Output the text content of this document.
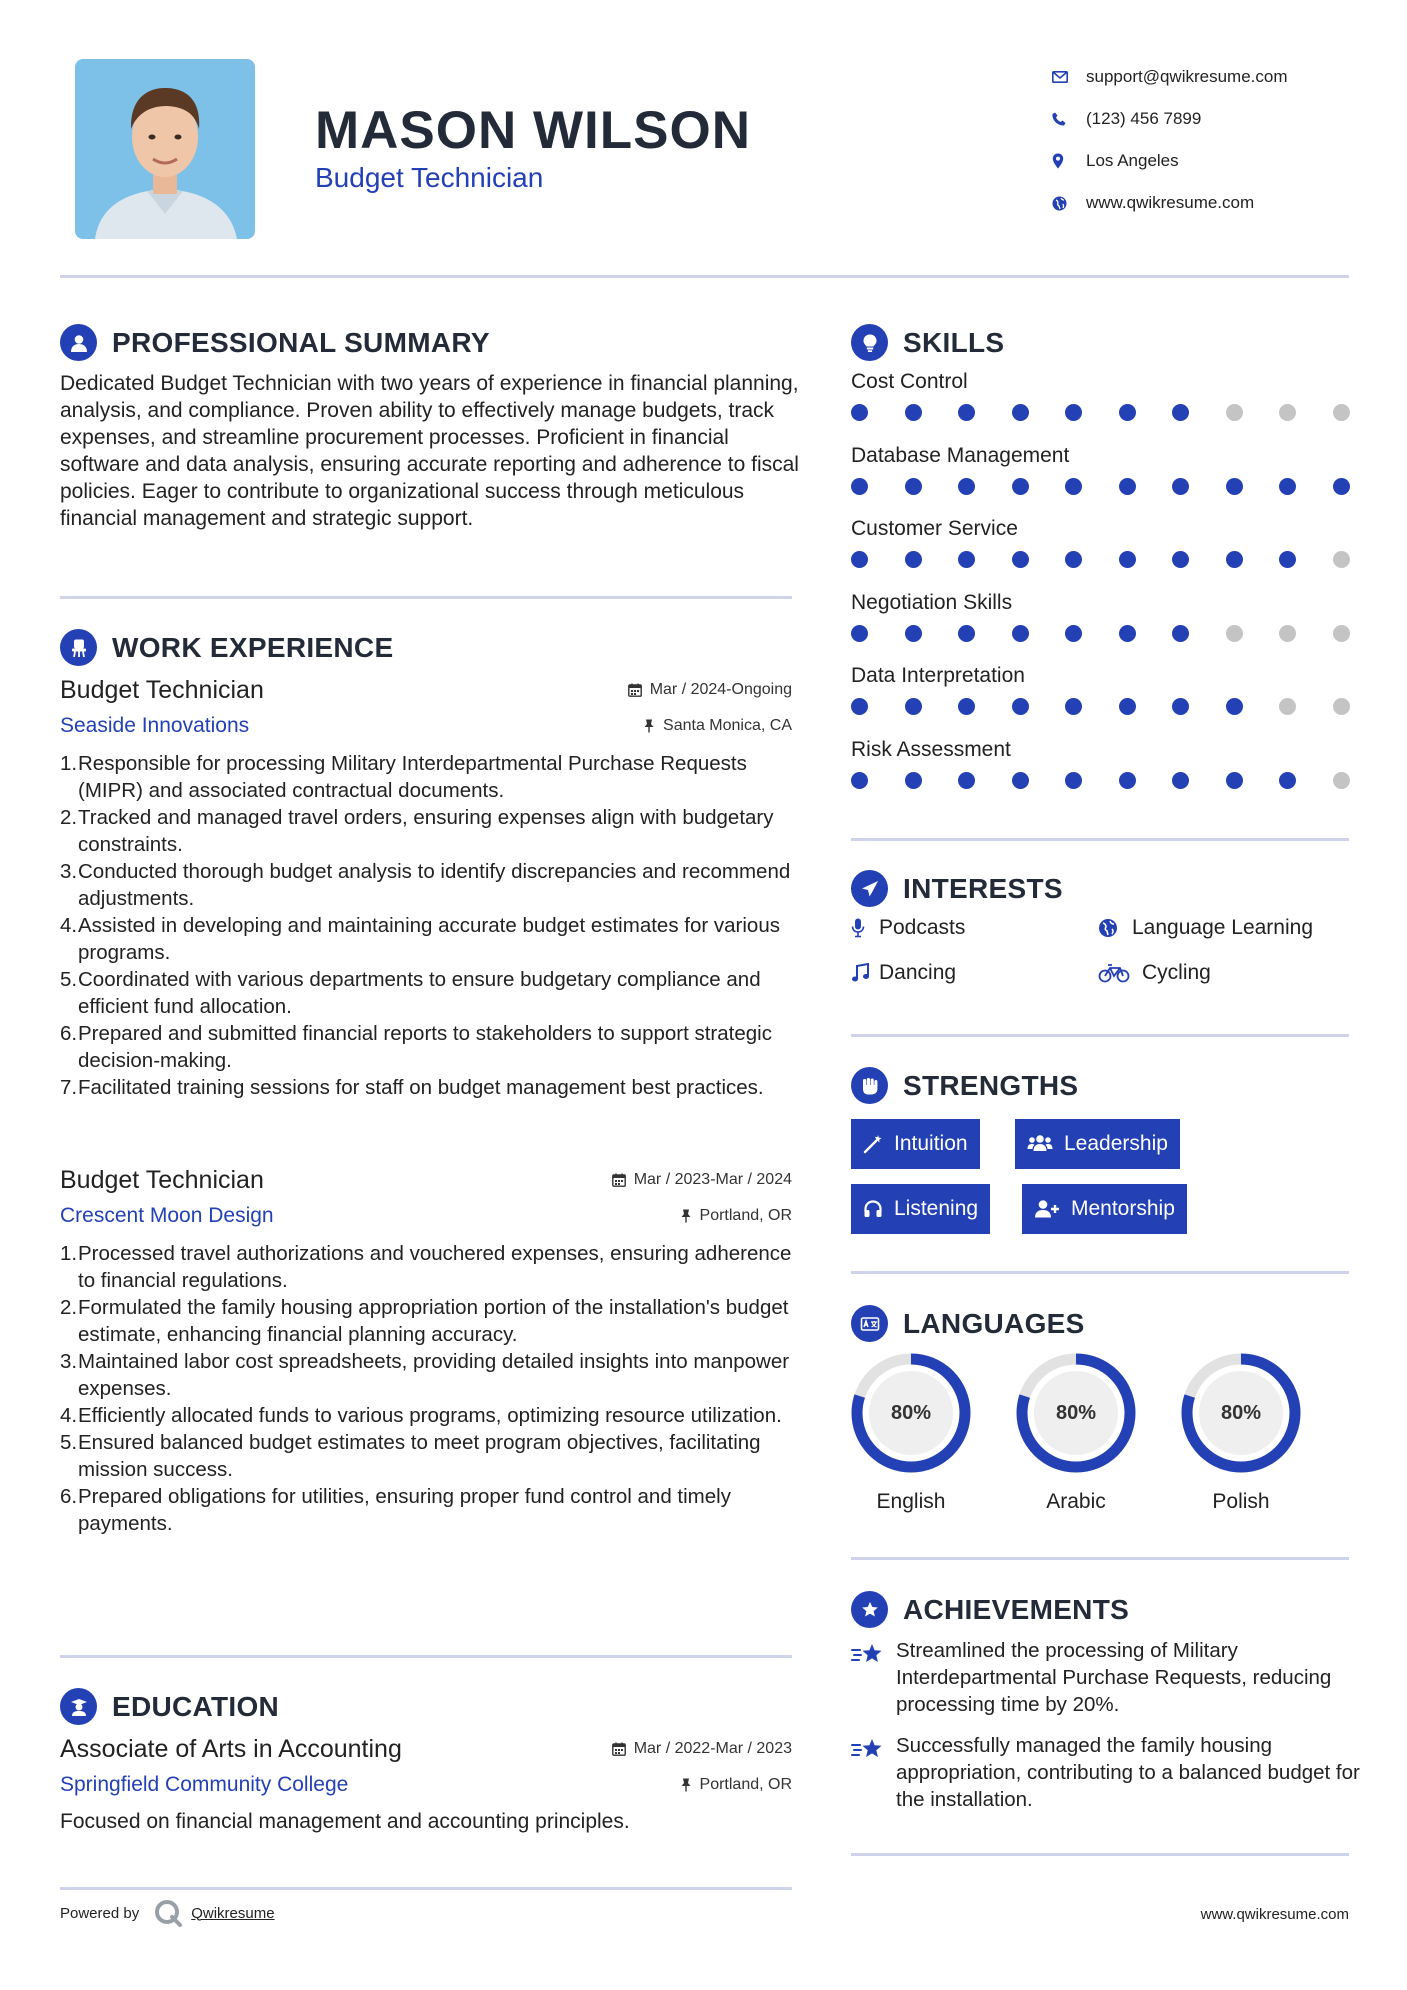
MASON WILSON
Budget Technician
support@qwikresume.com
(123) 456 7899
Los Angeles
www.qwikresume.com
PROFESSIONAL SUMMARY
Dedicated Budget Technician with two years of experience in financial planning, analysis, and compliance. Proven ability to effectively manage budgets, track expenses, and streamline procurement processes. Proficient in financial software and data analysis, ensuring accurate reporting and adherence to fiscal policies. Eager to contribute to organizational success through meticulous financial management and strategic support.
WORK EXPERIENCE
Budget Technician	Mar / 2024-Ongoing
Seaside Innovations	Santa Monica, CA
Responsible for processing Military Interdepartmental Purchase Requests (MIPR) and associated contractual documents.
Tracked and managed travel orders, ensuring expenses align with budgetary constraints.
Conducted thorough budget analysis to identify discrepancies and recommend adjustments.
Assisted in developing and maintaining accurate budget estimates for various programs.
Coordinated with various departments to ensure budgetary compliance and efficient fund allocation.
Prepared and submitted financial reports to stakeholders to support strategic decision-making.
Facilitated training sessions for staff on budget management best practices.
Budget Technician	Mar / 2023-Mar / 2024
Crescent Moon Design	Portland, OR
Processed travel authorizations and vouchered expenses, ensuring adherence to financial regulations.
Formulated the family housing appropriation portion of the installation's budget estimate, enhancing financial planning accuracy.
Maintained labor cost spreadsheets, providing detailed insights into manpower expenses.
Efficiently allocated funds to various programs, optimizing resource utilization.
Ensured balanced budget estimates to meet program objectives, facilitating mission success.
Prepared obligations for utilities, ensuring proper fund control and timely payments.
EDUCATION
Associate of Arts in Accounting	Mar / 2022-Mar / 2023
Springfield Community College	Portland, OR
Focused on financial management and accounting principles.
Powered by	Qwikresume	www.qwikresume.com
SKILLS
Cost Control
Database Management
Customer Service
Negotiation Skills
Data Interpretation
Risk Assessment
INTERESTS
Podcasts	Language Learning
Dancing	Cycling
STRENGTHS
Intuition	Leadership
Listening	Mentorship
LANGUAGES
80%
English
80%
Arabic
80%
Polish
ACHIEVEMENTS
Streamlined the processing of Military Interdepartmental Purchase Requests, reducing processing time by 20%.
Successfully managed the family housing appropriation, contributing to a balanced budget for the installation.
